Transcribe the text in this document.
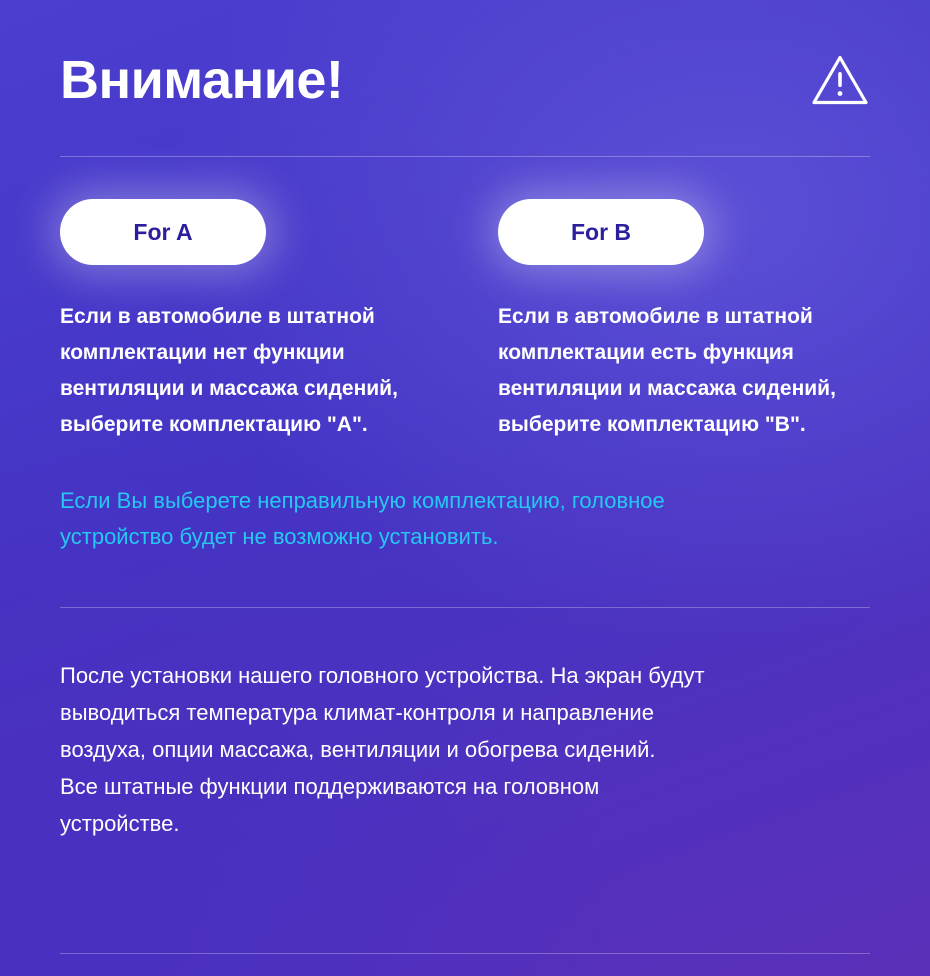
Внимание!
For A
Если в автомобиле в штатной
комплектации нет функции
вентиляции и массажа сидений,
выберите комплектацию "А".
For B
Если в автомобиле в штатной
комплектации есть функция
вентиляции и массажа сидений,
выберите комплектацию "В".
Если Вы выберете неправильную комплектацию, головное
устройство будет не возможно установить.

После установки нашего головного устройства. На экран будут

выводиться температура климат-контроля и направление

воздуха, опции массажа, вентиляции и обогрева сидений.

Все штатные функции поддерживаются на головном

устройстве.
